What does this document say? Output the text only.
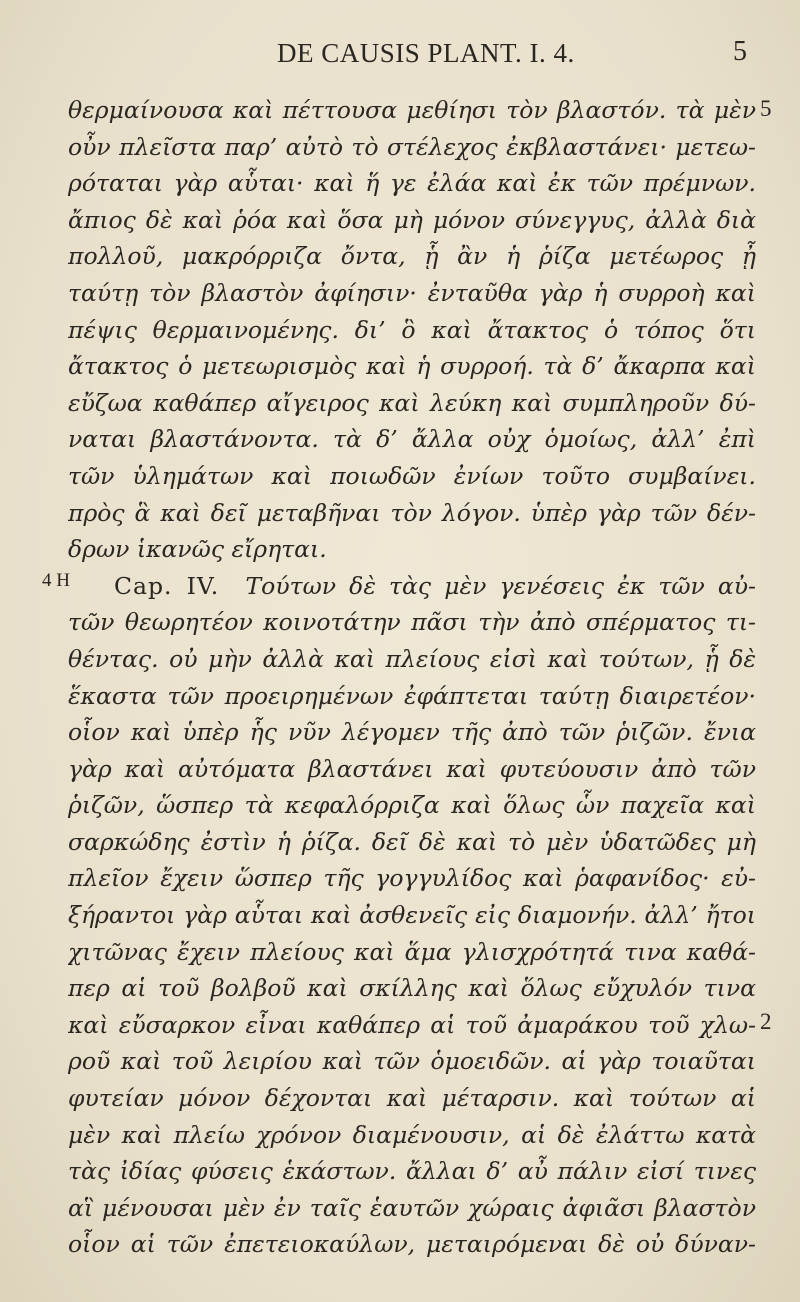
DE CAUSIS PLANT. I. 4.	5
5
4 H
2
θερμαίνουσα καὶ πέττουσα μεθίησι τὸν βλαστόν. τὰ μὲν
οὖν πλεῖστα παρ’ αὐτὸ τὸ στέλεχος ἐκβλαστάνει· μετεω-
ρόταται γὰρ αὗται· καὶ ἥ γε ἐλάα καὶ ἐκ τῶν πρέμνων.
ἄπιος δὲ καὶ ῥόα καὶ ὅσα μὴ μόνον σύνεγγυς, ἀλλὰ διὰ
πολλοῦ, μακρόρριζα ὄντα, ᾗ ἂν ἡ ῥίζα μετέωρος ᾖ
ταύτῃ τὸν βλαστὸν ἀφίησιν· ἐνταῦθα γὰρ ἡ συρροὴ καὶ
πέψις θερμαινομένης. δι’ ὃ καὶ ἄτακτος ὁ τόπος ὅτι
ἄτακτος ὁ μετεωρισμὸς καὶ ἡ συρροή. τὰ δ’ ἄκαρπα καὶ
εὔζωα καθάπερ αἴγειρος καὶ λεύκη καὶ συμπληροῦν δύ-
ναται βλαστάνοντα. τὰ δ’ ἄλλα οὐχ ὁμοίως, ἀλλ’ ἐπὶ
τῶν ὑλημάτων καὶ ποιωδῶν ἐνίων τοῦτο συμβαίνει.
πρὸς ἃ καὶ δεῖ μεταβῆναι τὸν λόγον. ὑπὲρ γὰρ τῶν δέν-
δρων ἱκανῶς εἴρηται.
Cap. IV. Τούτων δὲ τὰς μὲν γενέσεις ἐκ τῶν αὐ-
τῶν θεωρητέον κοινοτάτην πᾶσι τὴν ἀπὸ σπέρματος τι-
θέντας. οὐ μὴν ἀλλὰ καὶ πλείους εἰσὶ καὶ τούτων, ᾗ δὲ
ἕκαστα τῶν προειρημένων ἐφάπτεται ταύτῃ διαιρετέον·
οἷον καὶ ὑπὲρ ἧς νῦν λέγομεν τῆς ἀπὸ τῶν ῥιζῶν. ἔνια
γὰρ καὶ αὐτόματα βλαστάνει καὶ φυτεύουσιν ἀπὸ τῶν
ῥιζῶν, ὥσπερ τὰ κεφαλόρριζα καὶ ὅλως ὧν παχεῖα καὶ
σαρκώδης ἐστὶν ἡ ῥίζα. δεῖ δὲ καὶ τὸ μὲν ὑδατῶδες μὴ
πλεῖον ἔχειν ὥσπερ τῆς γογγυλίδος καὶ ῥαφανίδος· εὐ-
ξήραντοι γὰρ αὗται καὶ ἀσθενεῖς εἰς διαμονήν. ἀλλ’ ἤτοι
χιτῶνας ἔχειν πλείους καὶ ἅμα γλισχρότητά τινα καθά-
περ αἱ τοῦ βολβοῦ καὶ σκίλλης καὶ ὅλως εὔχυλόν τινα
καὶ εὔσαρκον εἶναι καθάπερ αἱ τοῦ ἀμαράκου τοῦ χλω-
ροῦ καὶ τοῦ λειρίου καὶ τῶν ὁμοειδῶν. αἱ γὰρ τοιαῦται
φυτείαν μόνον δέχονται καὶ μέταρσιν. καὶ τούτων αἱ
μὲν καὶ πλείω χρόνον διαμένουσιν, αἱ δὲ ἐλάττω κατὰ
τὰς ἰδίας φύσεις ἑκάστων. ἄλλαι δ’ αὖ πάλιν εἰσί τινες
αἳ μένουσαι μὲν ἐν ταῖς ἑαυτῶν χώραις ἀφιᾶσι βλαστὸν
οἷον αἱ τῶν ἐπετειοκαύλων, μεταιρόμεναι δὲ οὐ δύναν-
